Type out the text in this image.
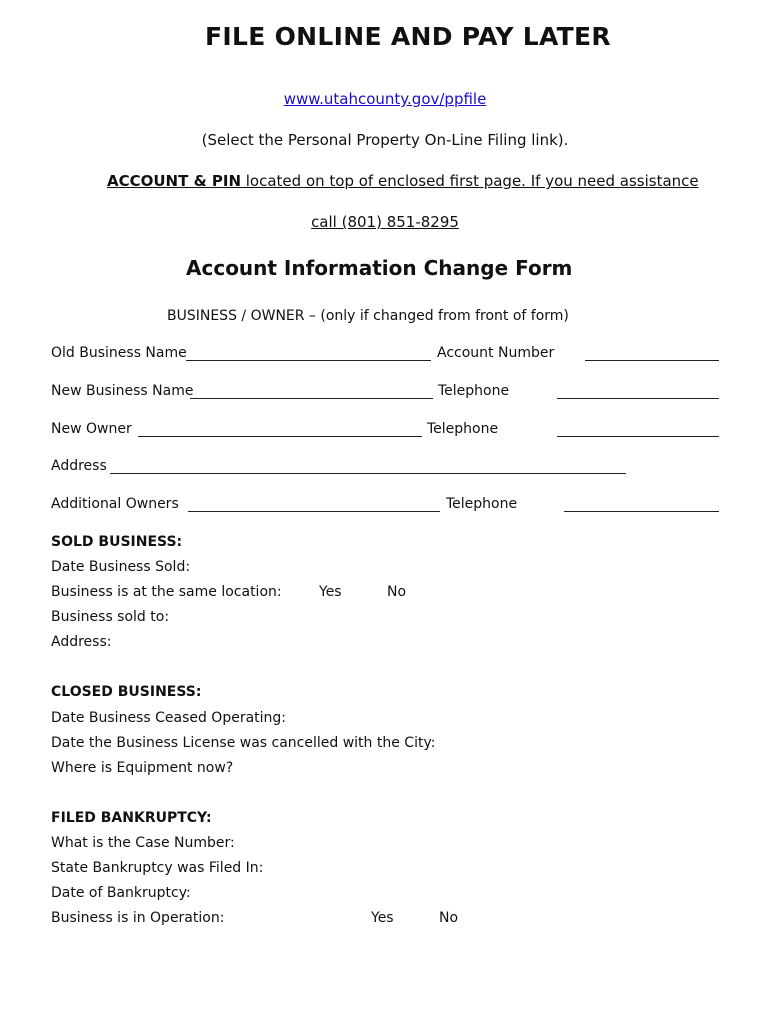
FILE ONLINE AND PAY LATER
www.utahcounty.gov/ppfile
(Select the Personal Property On-Line Filing link).
ACCOUNT & PIN located on top of enclosed first page. If you need assistance
call (801) 851-8295
Account Information Change Form
BUSINESS / OWNER – (only if changed from front of form)
Old Business Name	Account Number
New Business Name	Telephone
New Owner	Telephone
Address
Additional Owners	Telephone
SOLD BUSINESS:
Date Business Sold:
Business is at the same location:	Yes	No
Business sold to:
Address:
CLOSED BUSINESS:
Date Business Ceased Operating:
Date the Business License was cancelled with the City:
Where is Equipment now?
FILED BANKRUPTCY:
What is the Case Number:
State Bankruptcy was Filed In:
Date of Bankruptcy:
Business is in Operation:	Yes	No
